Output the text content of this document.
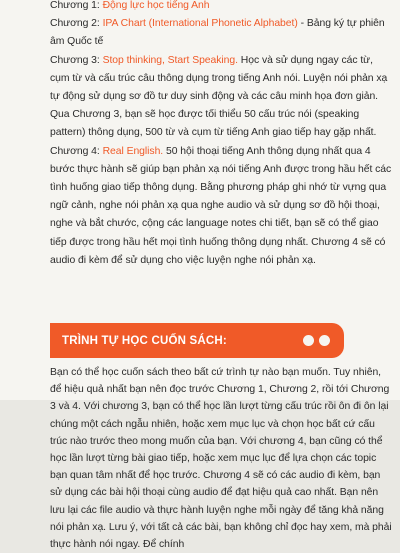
Chương 1: Động lực học tiếng Anh

Chương 2: IPA Chart (International Phonetic Alphabet) - Bảng ký tự phiên âm Quốc tế

Chương 3: Stop thinking, Start Speaking. Học và sử dụng ngay các từ, cụm từ và cấu trúc câu thông dụng trong tiếng Anh nói. Luyện nói phản xạ tự động sử dụng sơ đồ tư duy sinh động và các câu minh họa đơn giản. Qua Chương 3, bạn sẽ học được tối thiểu 50 cấu trúc nói (speaking pattern) thông dụng, 500 từ và cụm từ tiếng Anh giao tiếp hay gặp nhất.

Chương 4: Real English. 50 hội thoại tiếng Anh thông dụng nhất qua 4 bước thực hành sẽ giúp bạn phản xạ nói tiếng Anh được trong hầu hết các tình huống giao tiếp thông dụng. Bằng phương pháp ghi nhớ từ vựng qua ngữ cảnh, nghe nói phản xạ qua nghe audio và sử dụng sơ đồ hội thoại, nghe và bắt chước, cộng các language notes chi tiết, bạn sẽ có thể giao tiếp được trong hầu hết mọi tình huống thông dụng nhất. Chương 4 sẽ có audio đi kèm để sử dụng cho việc luyện nghe nói phản xạ.

TRÌNH TỰ HỌC CUỐN SÁCH:

Bạn có thể học cuốn sách theo bất cứ trình tự nào bạn muốn. Tuy nhiên, để hiệu quả nhất bạn nên đọc trước Chương 1, Chương 2, rồi tới Chương 3 và 4. Với chương 3, bạn có thể học lần lượt từng cấu trúc rồi ôn đi ôn lại chúng một cách ngẫu nhiên, hoặc xem mục lục và chọn học bất cứ cấu trúc nào trước theo mong muốn của bạn. Với chương 4, bạn cũng có thể học lần lượt từng bài giao tiếp, hoặc xem mục lục để lựa chọn các topic bạn quan tâm nhất để học trước. Chương 4 sẽ có các audio đi kèm, bạn sử dụng các bài hội thoại cùng audio để đạt hiệu quả cao nhất. Bạn nên lưu lại các file audio và thực hành luyện nghe mỗi ngày để tăng khả năng nói phản xạ. Lưu ý, với tất cả các bài, bạn không chỉ đọc hay xem, mà phải thực hành nói ngay. Để chính
